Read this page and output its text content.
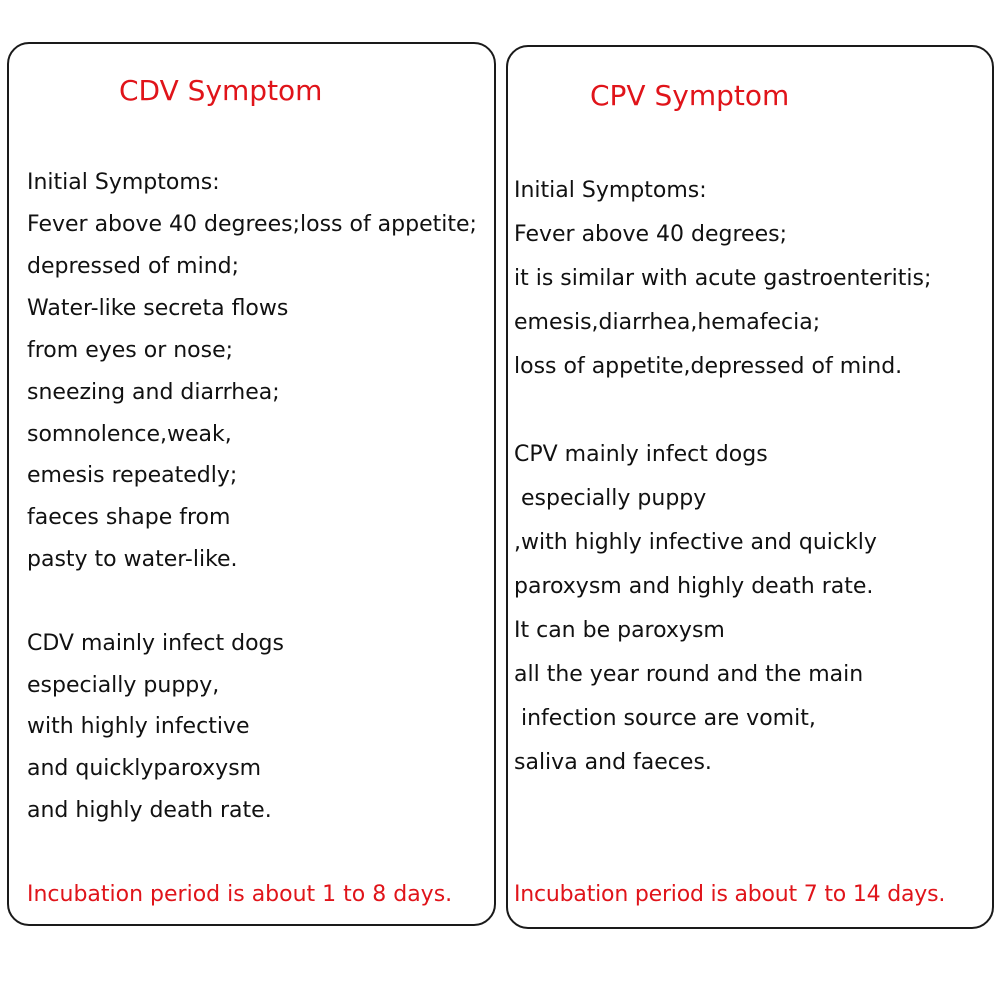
CDV Symptom
Initial Symptoms:
Fever above 40 degrees;loss of appetite;
depressed of mind;
Water-like secreta flows
from eyes or nose;
sneezing and diarrhea;
somnolence,weak,
emesis repeatedly;
faeces shape from
pasty to water-like.
CDV mainly infect dogs
especially puppy,
with highly infective
and quicklyparoxysm
and highly death rate.

Incubation period is about 1 to 8 days.

CPV Symptom
Initial Symptoms:
Fever above 40 degrees;
it is similar with acute gastroenteritis;
emesis,diarrhea,hemafecia;
loss of appetite,depressed of mind.
CPV mainly infect dogs
especially puppy
,with highly infective and quickly
paroxysm and highly death rate.
It can be paroxysm
all the year round and the main
infection source are vomit,
saliva and faeces.

Incubation period is about 7 to 14 days.
